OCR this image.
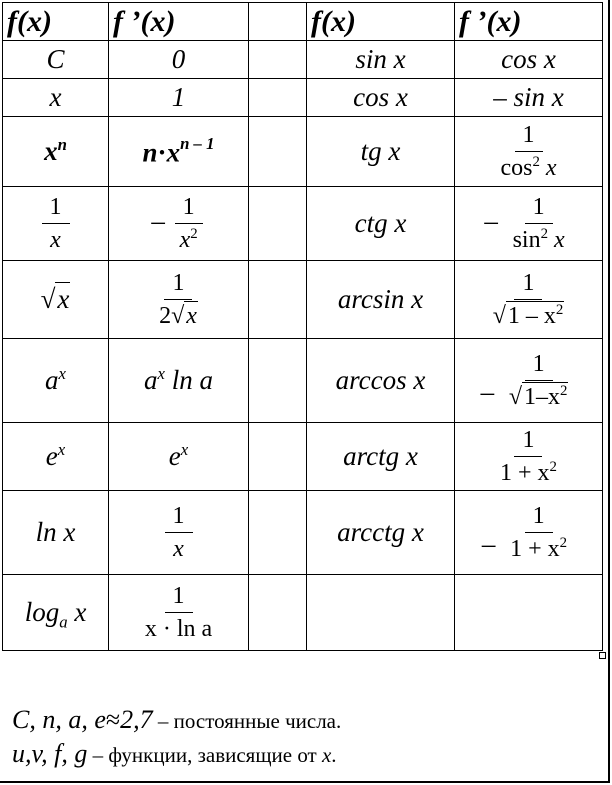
f(x)	f ’(x)		f(x)	f ’(x)
C	0		sin x	cos x
x	1		cos x	– sin x
$x^n$	$n\cdot x^{n - 1}$		tg x	$\frac{1}{\cos^2 x}$

$\frac{1}{x}$	– $\frac{1}{x^2}$		ctg x	– $\frac{1}{\sin^2 x}$

√x	$\frac{1}{2√x}$		arcsin x	$\frac{1}{√1 - x^2}$

$a^x$	$a^x$ ln a		arccos x	– $\frac{1}{√1-x^2}$

$e^x$	$e^x$		arctg x	$\frac{1}{1 + x^2}$

ln x	$\frac{1}{x}$		arcctg x	– $\frac{1}{1 + x^2}$

$\log_a x$	$\frac{1}{\text{x · ln a}}$

C, n, a, e≈2,7 – постоянные числа.
u,v, f, g – функции, зависящие от x.
